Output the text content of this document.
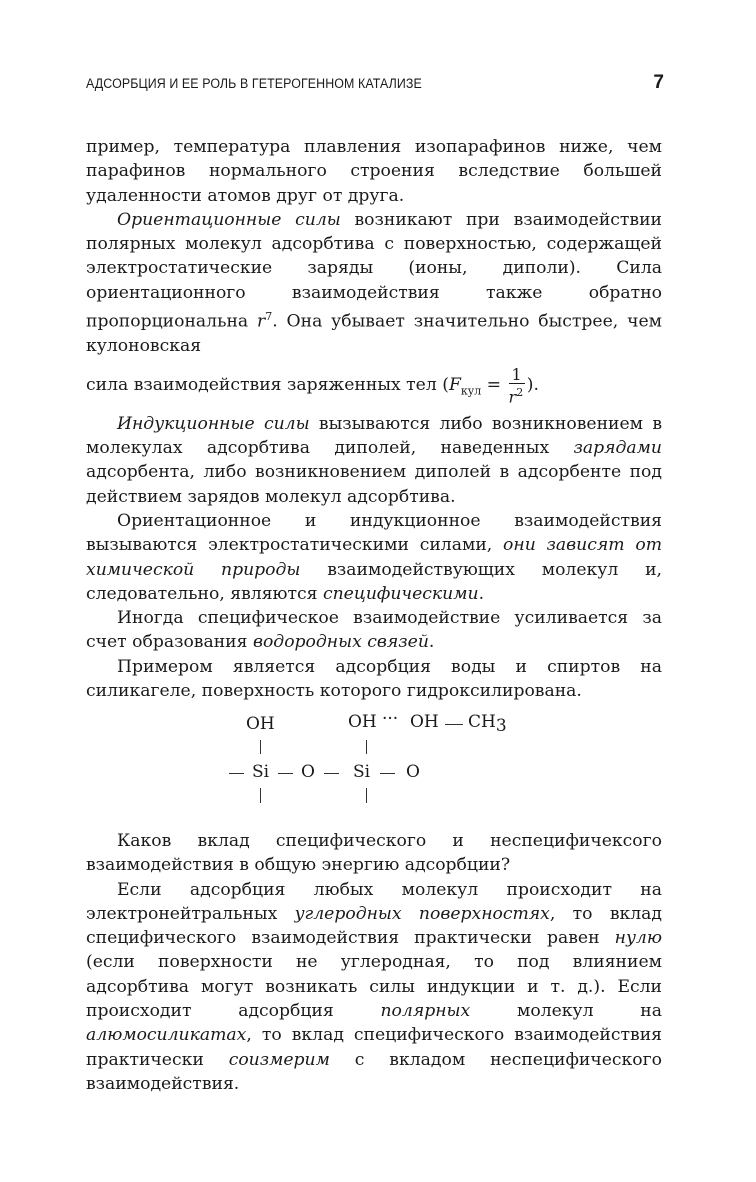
АДСОРБЦИЯ И ЕЕ РОЛЬ В ГЕТЕРОГЕННОМ КАТАЛИЗЕ	7

пример, температура плавления изопарафинов ниже, чем парафинов нормального строения вследствие большей удаленности атомов друг от друга.

Ориентационные силы возникают при взаимодействии полярных молекул адсорбтива с поверхностью, содержащей электростатические заряды (ионы, диполи). Сила ориентационного взаимодействия также обратно пропорциональна $r^7$. Она убывает значительно быстрее, чем кулоновская

сила взаимодействия заряженных тел ($F_{кул} = \frac{1}{r^2}$ ).

Индукционные силы вызываются либо возникновением в молекулах адсорбтива диполей, наведенных зарядами адсорбента, либо возникновением диполей в адсорбенте под действием зарядов молекул адсорбтива.

Ориентационное и индукционное взаимодействия вызываются электростатическими силами, они зависят от химической природы взаимодействующих молекул и, следовательно, являются специфическими.

Иногда специфическое взаимодействие усиливается за счет образования водородных связей.

Примером является адсорбция воды и спиртов на силикагеле, поверхность которого гидроксилирована.

OH	OH ··· OH $CH_3$
Si O Si O

Каков вклад специфического и неспецифичексого взаимодействия в общую энергию адсорбции?

Если адсорбция любых молекул происходит на электронейтральных углеродных поверхностях, то вклад специфического взаимодействия практически равен нулю (если поверхности не углеродная, то под влиянием адсорбтива могут возникать силы индукции и т. д.). Если происходит адсорбция полярных молекул на алюмосиликатах, то вклад специфического взаимодействия практически соизмерим с вкладом неспецифического взаимодействия.
